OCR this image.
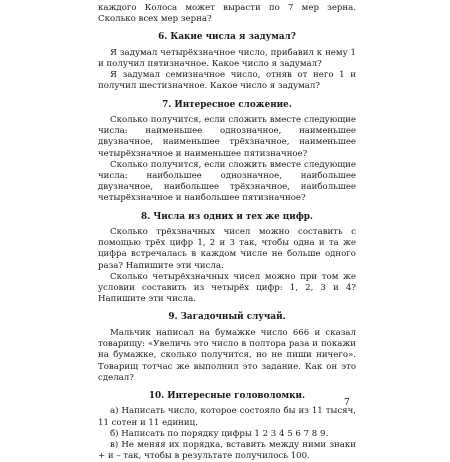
каждого Колоса может вырасти по 7 мер зерна. Сколько всех мер зерна?

6. Какие числа я задумал?

Я задумал четырёхзначное число, прибавил к нему 1 и получил пятизначное. Какое число я задумал?

Я задумал семизначное число, отняв от него 1 и получил шестизначное. Какое число я задумал?

7. Интересное сложение.

Сколько получится, если сложить вместе следующие числа: наименьшее однозначное, наименьшее двузначное, наименьшее трёхзначное, наименьшее четырёхзначное и наименьшее пятизначное?

Сколько получится, если сложить вместе следующие числа: наибольшее однозначное, наибольшее двузначное, наибольшее трёхзначное, наибольшее четырёхзначное и наибольшее пятизначное?

8. Числа из одних и тех же цифр.

Сколько трёхзначных чисел можно составить с помощью трёх цифр 1, 2 и 3 так, чтобы одна и та же цифра встречалась в каждом числе не больше одного раза? Напишите эти числа.

Сколько четырёхзначных чисел можно при том же условии составить из четырёх цифр: 1, 2, 3 и 4? Напишите эти числа.

9. Загадочный случай.

Мальчик написал на бумажке число 666 и сказал товарищу: «Увеличь это число в полтора раза и покажи на бумажке, сколько получится, но не пиши ничего». Товарищ тотчас же выполнил это задание. Как он это сделал?

10. Интересные головоломки.

а) Написать число, которое состояло бы из 11 тысяч, 11 сотен и 11 единиц.

б) Написать по порядку цифры 1 2 3 4 5 6 7 8 9.

в) Не меняя их порядка, вставить между ними знаки + и – так, чтобы в результате получилось 100.

7
